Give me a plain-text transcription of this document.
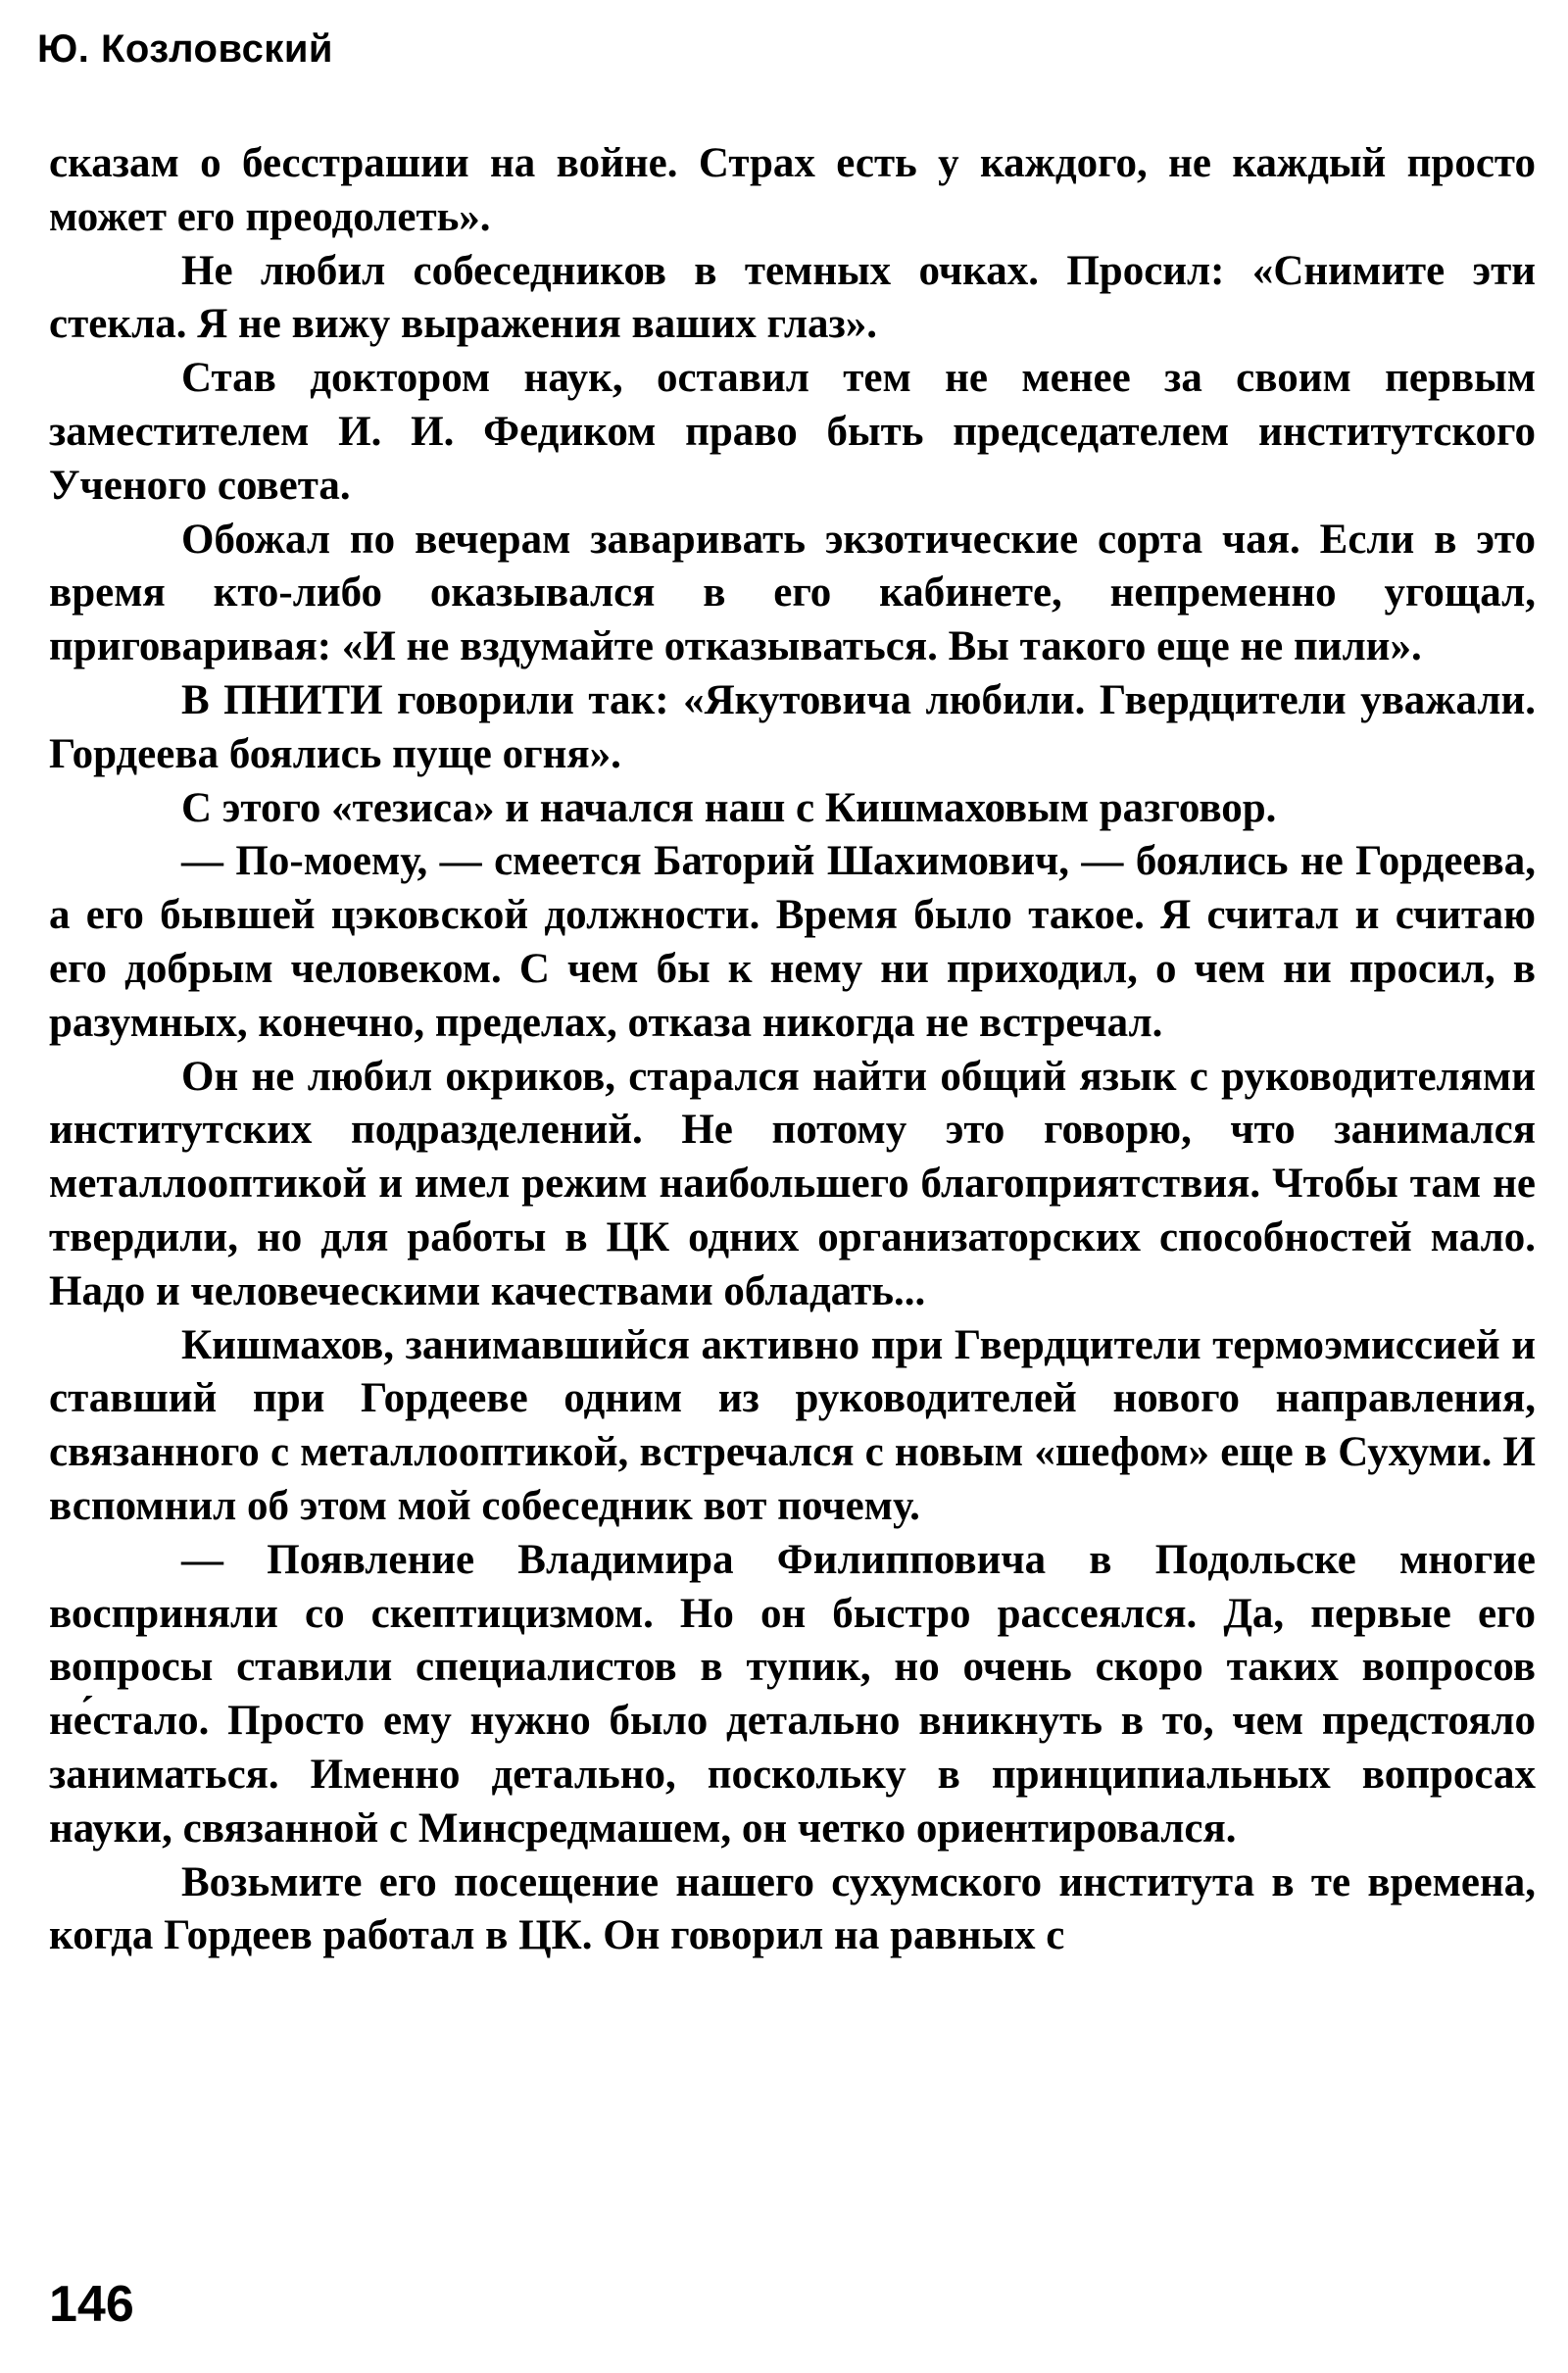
Ю. Козловский

сказам о бесстрашии на войне. Страх есть у каждого, не каждый просто может его преодолеть».

Не любил собеседников в темных очках. Просил: «Снимите эти стекла. Я не вижу выражения ваших глаз».

Став доктором наук, оставил тем не менее за своим первым заместителем И. И. Федиком право быть председателем институтского Ученого совета.

Обожал по вечерам заваривать экзотические сорта чая. Если в это время кто-либо оказывался в его кабинете, непременно угощал, приговаривая: «И не вздумайте отказываться. Вы такого еще не пили».

В ПНИТИ говорили так: «Якутовича любили. Гвердцители уважали. Гордеева боялись пуще огня».

С этого «тезиса» и начался наш с Кишмаховым разговор.

— По-моему, — смеется Баторий Шахимович, — боялись не Гордеева, а его бывшей цэковской должности. Время было такое. Я считал и считаю его добрым человеком. С чем бы к нему ни приходил, о чем ни просил, в разумных, конечно, пределах, отказа никогда не встречал.

Он не любил окриков, старался найти общий язык с руководителями институтских подразделений. Не потому это говорю, что занимался металлооптикой и имел режим наибольшего благоприятствия. Чтобы там не твердили, но для работы в ЦК одних организаторских способностей мало. Надо и человеческими качествами обладать...

Кишмахов, занимавшийся активно при Гвердцители термоэмиссией и ставший при Гордееве одним из руководителей нового направления, связанного с металлооптикой, встречался с новым «шефом» еще в Сухуми. И вспомнил об этом мой собеседник вот почему.

— Появление Владимира Филипповича в Подольске многие восприняли со скептицизмом. Но он быстро рассеялся. Да, первые его вопросы ставили специалистов в тупик, но очень скоро таких вопросов не́стало. Просто ему нужно было детально вникнуть в то, чем предстояло заниматься. Именно детально, поскольку в принципиальных вопросах науки, связанной с Минсредмашем, он четко ориентировался.

Возьмите его посещение нашего сухумского института в те времена, когда Гордеев работал в ЦК. Он говорил на равных с

146
